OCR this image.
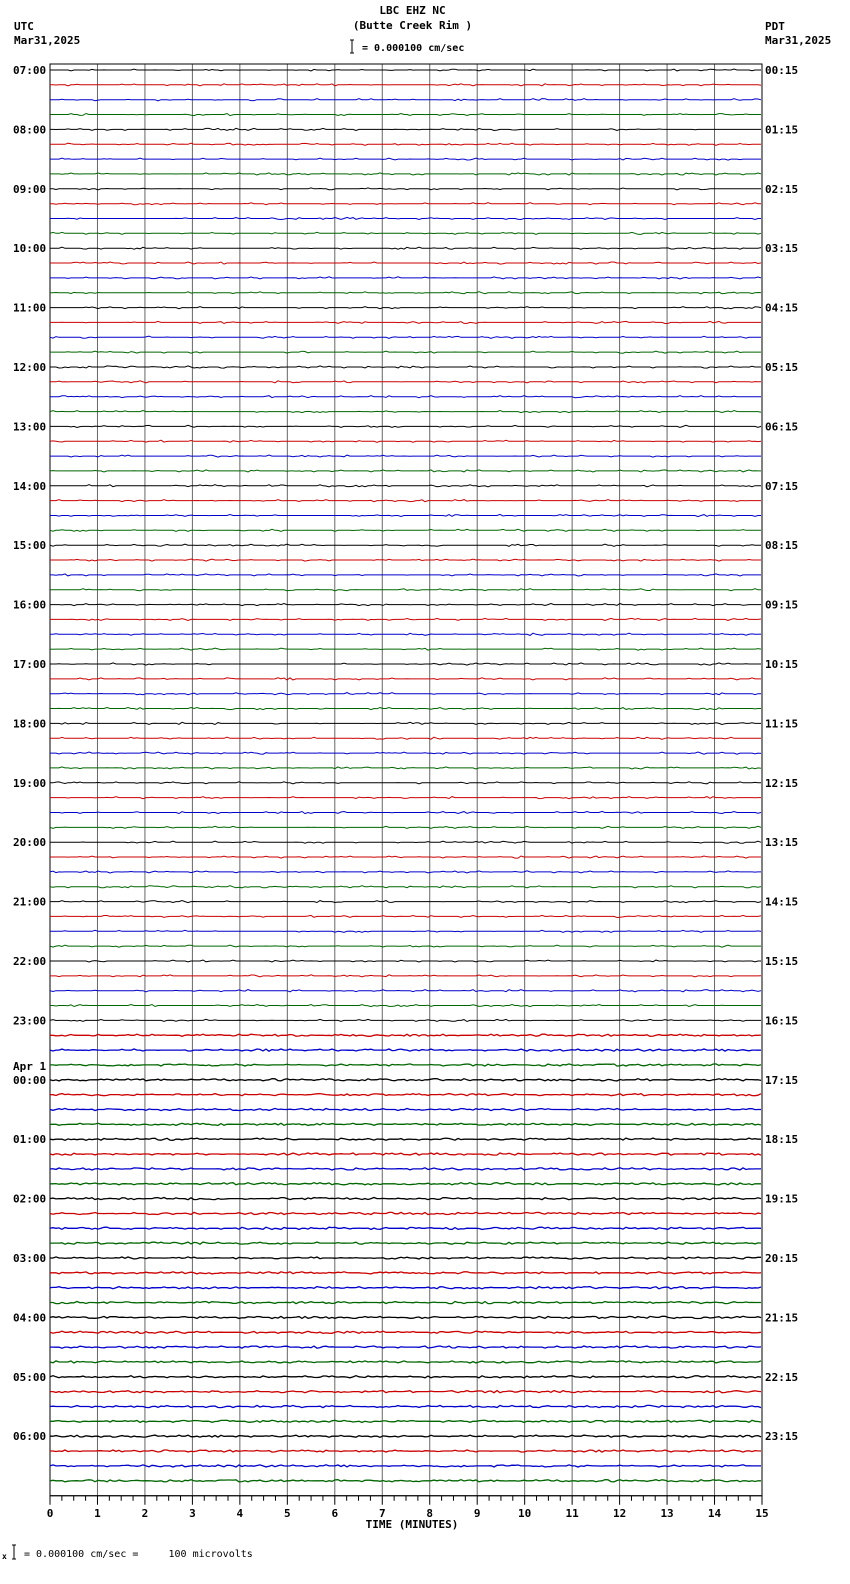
LBC EHZ NC
(Butte Creek Rim )
= 0.000100 cm/sec
UTC
Mar31,2025
PDT
Mar31,2025
x = 0.000100 cm/sec =     100 microvolts
07:00
08:00
09:00
10:00
11:00
12:00
13:00
14:00
15:00
16:00
17:00
18:00
19:00
20:00
21:00
22:00
23:00
00:00
01:00
02:00
03:00
04:00
05:00
06:00
00:15
01:15
02:15
03:15
04:15
05:15
06:15
07:15
08:15
09:15
10:15
11:15
12:15
13:15
14:15
15:15
16:15
17:15
18:15
19:15
20:15
21:15
22:15
23:15
Apr 1
0	1	2	3	4	5	6	7	8	9	10	11	12	13	14	15
TIME (MINUTES)
